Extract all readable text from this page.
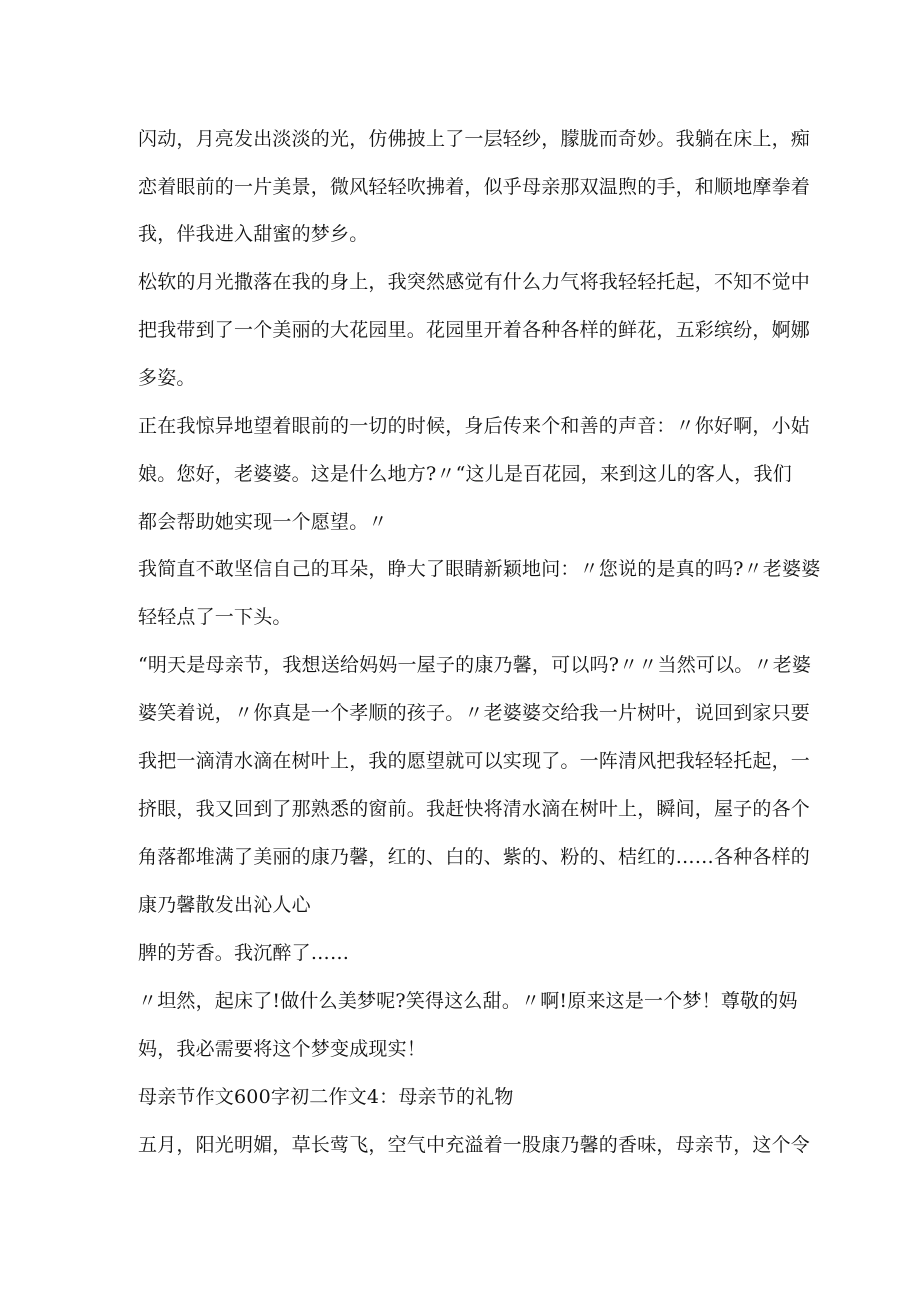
闪动，月亮发出淡淡的光，仿佛披上了一层轻纱，朦胧而奇妙。我躺在床上，痴
恋着眼前的一片美景，微风轻轻吹拂着，似乎母亲那双温煦的手，和顺地摩拳着
我，伴我进入甜蜜的梦乡。
松软的月光撒落在我的身上，我突然感觉有什么力气将我轻轻托起，不知不觉中
把我带到了一个美丽的大花园里。花园里开着各种各样的鲜花，五彩缤纷，婀娜
多姿。
正在我惊异地望着眼前的一切的时候，身后传来个和善的声音：〃你好啊，小姑
娘。您好，老婆婆。这是什么地方?〃“这儿是百花园，来到这儿的客人，我们
都会帮助她实现一个愿望。〃
我简直不敢坚信自己的耳朵，睁大了眼睛新颖地问：〃您说的是真的吗?〃老婆婆
轻轻点了一下头。
“明天是母亲节，我想送给妈妈一屋子的康乃馨，可以吗?〃〃当然可以。〃老婆
婆笑着说，〃你真是一个孝顺的孩子。〃老婆婆交给我一片树叶，说回到家只要
我把一滴清水滴在树叶上，我的愿望就可以实现了。一阵清风把我轻轻托起，一
挤眼，我又回到了那熟悉的窗前。我赶快将清水滴在树叶上，瞬间，屋子的各个
角落都堆满了美丽的康乃馨，红的、白的、紫的、粉的、桔红的……各种各样的
康乃馨散发出沁人心
脾的芳香。我沉醉了……
〃坦然，起床了!做什么美梦呢?笑得这么甜。〃啊!原来这是一个梦！尊敬的妈
妈，我必需要将这个梦变成现实！
母亲节作文600字初二作文4：母亲节的礼物
五月，阳光明媚，草长莺飞，空气中充溢着一股康乃馨的香味，母亲节，这个令
